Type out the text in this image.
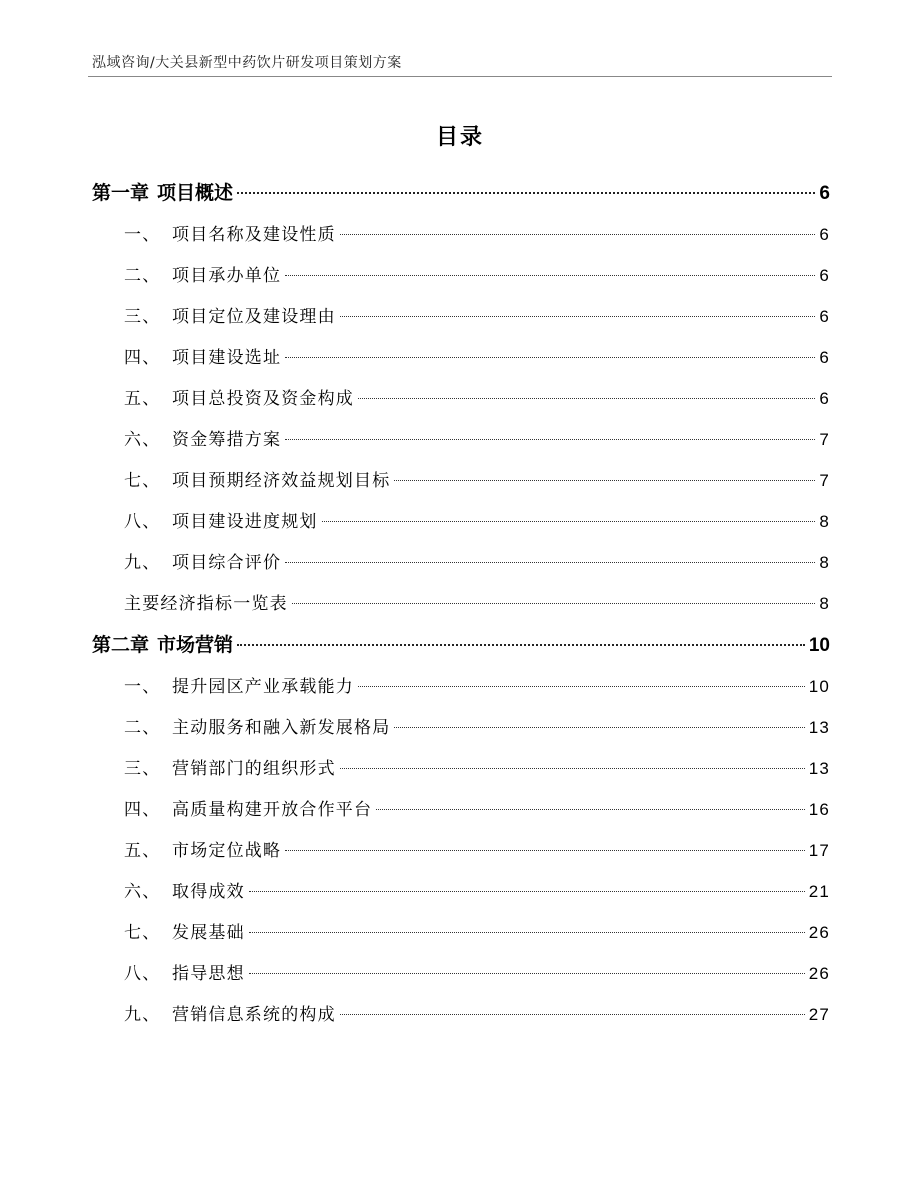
泓域咨询/大关县新型中药饮片研发项目策划方案
目录
第一章 项目概述	6
一、 项目名称及建设性质	6
二、 项目承办单位	6
三、 项目定位及建设理由	6
四、 项目建设选址	6
五、 项目总投资及资金构成	6
六、 资金筹措方案	7
七、 项目预期经济效益规划目标	7
八、 项目建设进度规划	8
九、 项目综合评价	8
主要经济指标一览表	8
第二章 市场营销	10
一、 提升园区产业承载能力	10
二、 主动服务和融入新发展格局	13
三、 营销部门的组织形式	13
四、 高质量构建开放合作平台	16
五、 市场定位战略	17
六、 取得成效	21
七、 发展基础	26
八、 指导思想	26
九、 营销信息系统的构成	27
